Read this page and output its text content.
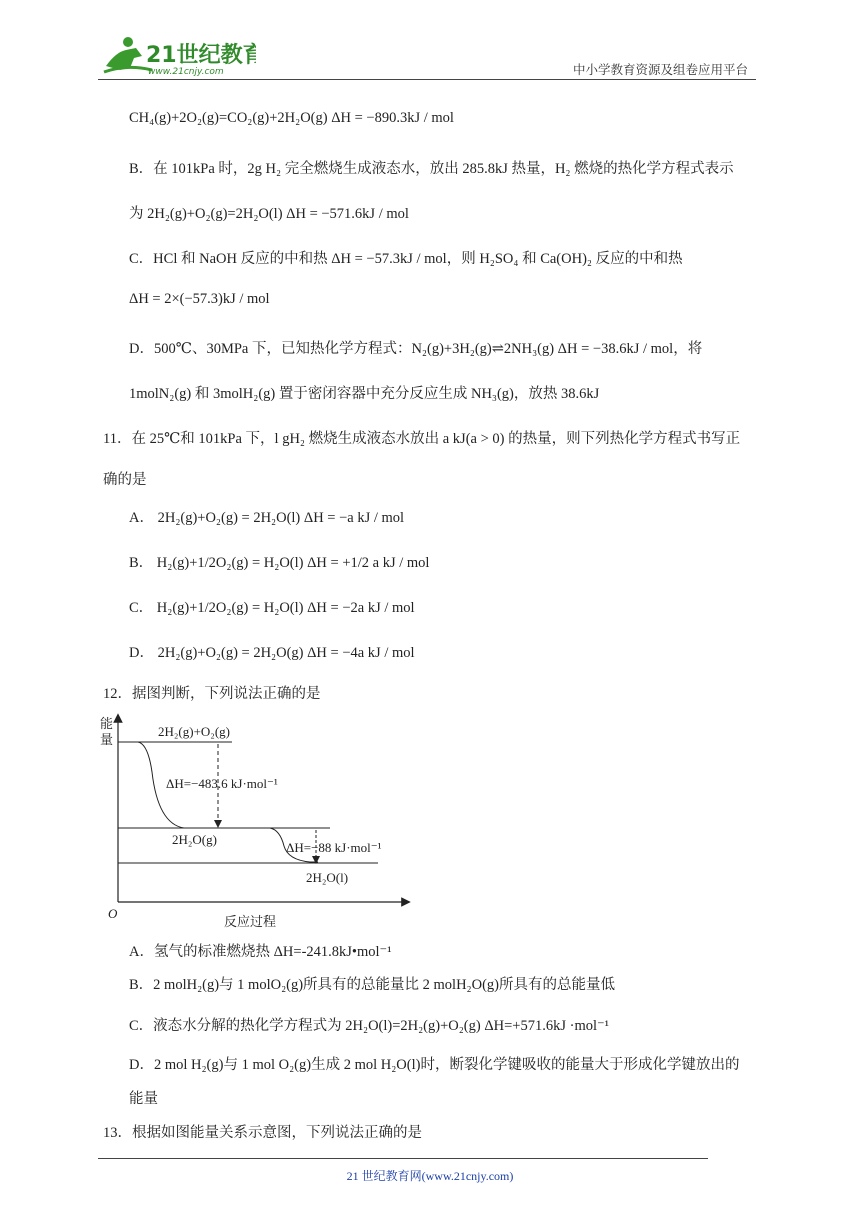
21世纪教育
www.21cnjy.com	中小学教育资源及组卷应用平台
CH₄(g)+2O₂(g)=CO₂(g)+2H₂O(g) ΔH = −890.3kJ / mol
B．在 101kPa 时，2g H₂ 完全燃烧生成液态水，放出 285.8kJ 热量，H₂ 燃烧的热化学方程式表示
为 2H₂(g)+O₂(g)=2H₂O(l) ΔH = −571.6kJ / mol
C．HCl 和 NaOH 反应的中和热 ΔH = −57.3kJ / mol，则 H₂SO₄ 和 Ca(OH)₂ 反应的中和热
ΔH = 2×(−57.3)kJ / mol
D．500℃、30MPa 下，已知热化学方程式：N₂(g)+3H₂(g)⇌2NH₃(g) ΔH = −38.6kJ / mol，将
1molN₂(g) 和 3molH₂(g) 置于密闭容器中充分反应生成 NH₃(g)，放热 38.6kJ
11．在 25℃和 101kPa 下，l gH₂ 燃烧生成液态水放出 a kJ(a > 0) 的热量，则下列热化学方程式书写正
确的是
A． 2H₂(g)+O₂(g) = 2H₂O(l) ΔH = −a kJ / mol
B． H₂(g)+1/2O₂(g) = H₂O(l) ΔH = +1/2 a kJ / mol
C． H₂(g)+1/2O₂(g) = H₂O(l) ΔH = −2a kJ / mol
D． 2H₂(g)+O₂(g) = 2H₂O(g) ΔH = −4a kJ / mol
12．据图判断，下列说法正确的是
能
量
O
反应过程
2H₂(g)+O₂(g)
ΔH=−483.6 kJ·mol⁻¹
2H₂O(g)
ΔH=−88 kJ·mol⁻¹
2H₂O(l)
A．氢气的标准燃烧热 ΔH=-241.8kJ•mol⁻¹
B．2 molH₂(g)与 1 molO₂(g)所具有的总能量比 2 molH₂O(g)所具有的总能量低
C．液态水分解的热化学方程式为 2H₂O(l)=2H₂(g)+O₂(g) ΔH=+571.6kJ ·mol⁻¹
D．2 mol H₂(g)与 1 mol O₂(g)生成 2 mol H₂O(l)时，断裂化学键吸收的能量大于形成化学键放出的
能量
13．根据如图能量关系示意图，下列说法正确的是
21 世纪教育网(www.21cnjy.com)
